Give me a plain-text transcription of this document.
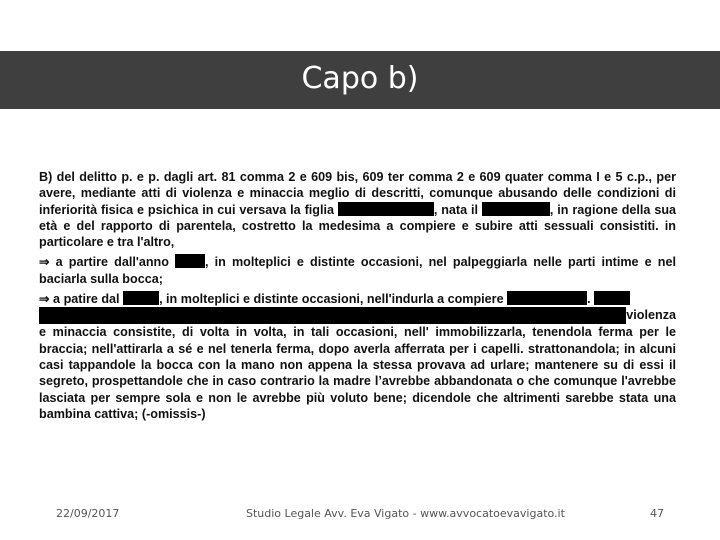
Capo b)

B) del delitto p. e p. dagli art. 81 comma 2 e 609 bis, 609 ter comma 2 e 609 quater comma I e 5 c.p., per avere, mediante atti di violenza e minaccia meglio di descritti, comunque abusando delle condizioni di inferiorità fisica e psichica in cui versava la figlia	, nata il	, in ragione della sua età e del rapporto di parentela, costretto la medesima a compiere e subire atti sessuali consistiti. in particolare e tra l'altro,

⇒ a partire dall'anno	, in molteplici e distinte occasioni, nel palpeggiarla nelle parti intime e nel baciarla sulla bocca;

⇒ a patire dal	, in molteplici e distinte occasioni, nell'indurla a compiere	.

violenza

e minaccia consistite, di volta in volta, in tali occasioni, nell' immobilizzarla, tenendola ferma per le braccia; nell'attirarla a sé e nel tenerla ferma, dopo averla afferrata per i capelli. strattonandola; in alcuni casi tappandole la bocca con la mano non appena la stessa provava ad urlare; mantenere su di essi il segreto, prospettandole che in caso contrario la madre l’avrebbe abbandonata o che comunque l'avrebbe lasciata per sempre sola e non le avrebbe più voluto bene; dicendole che altrimenti sarebbe stata una bambina cattiva; (-omissis-)

22/09/2017	Studio Legale Avv. Eva Vigato - www.avvocatoevavigato.it	47
